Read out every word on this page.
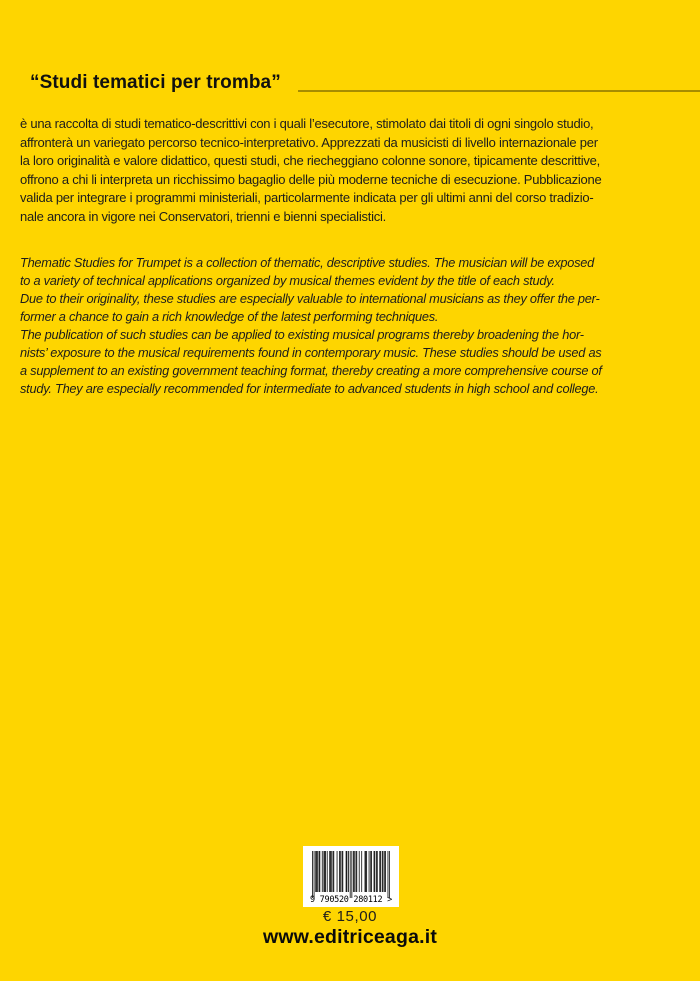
“Studi tematici per tromba”
è una raccolta di studi tematico-descrittivi con i quali l’esecutore, stimolato dai titoli di ogni singolo studio,
affronterà un variegato percorso tecnico-interpretativo. Apprezzati da musicisti di livello internazionale per
la loro originalità e valore didattico, questi studi, che riecheggiano colonne sonore, tipicamente descrittive,
offrono a chi li interpreta un ricchissimo bagaglio delle più moderne tecniche di esecuzione. Pubblicazione
valida per integrare i programmi ministeriali, particolarmente indicata per gli ultimi anni del corso tradizio-
nale ancora in vigore nei Conservatori, trienni e bienni specialistici.
Thematic Studies for Trumpet is a collection of thematic, descriptive studies. The musician will be exposed
to a variety of technical applications organized by musical themes evident by the title of each study.
Due to their originality, these studies are especially valuable to international musicians as they offer the per-
former a chance to gain a rich knowledge of the latest performing techniques.
The publication of such studies can be applied to existing musical programs thereby broadening the hor-
nists’ exposure to the musical requirements found in contemporary music. These studies should be used as
a supplement to an existing government teaching format, thereby creating a more comprehensive course of
study. They are especially recommended for intermediate to advanced students in high school and college.
9 790520 280112 >
€ 15,00
www.editriceaga.it
